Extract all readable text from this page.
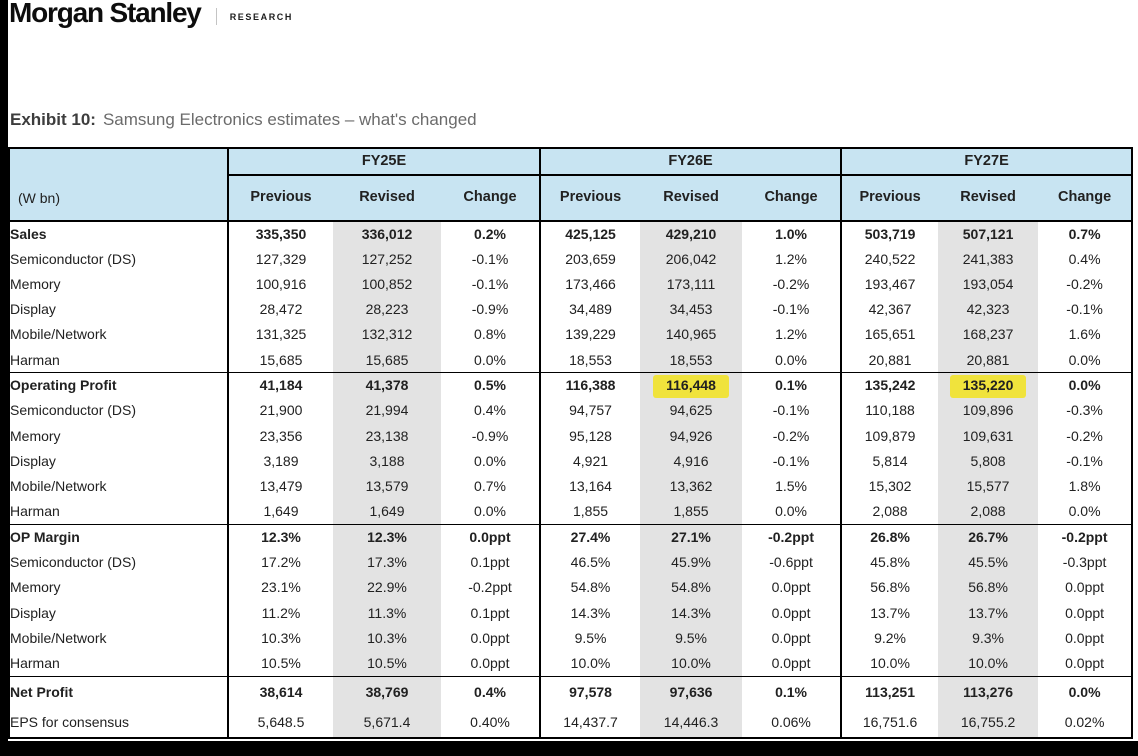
Morgan Stanley	RESEARCH
Exhibit 10: Samsung Electronics estimates – what's changed
(W bn)	FY25E			FY26E			FY27E		
	Previous	Revised	Change	Previous	Revised	Change	Previous	Revised	Change
Sales	335,350	336,012	0.2%	425,125	429,210	1.0%	503,719	507,121	0.7%
Semiconductor (DS)	127,329	127,252	-0.1%	203,659	206,042	1.2%	240,522	241,383	0.4%
Memory	100,916	100,852	-0.1%	173,466	173,111	-0.2%	193,467	193,054	-0.2%
Display	28,472	28,223	-0.9%	34,489	34,453	-0.1%	42,367	42,323	-0.1%
Mobile/Network	131,325	132,312	0.8%	139,229	140,965	1.2%	165,651	168,237	1.6%
Harman	15,685	15,685	0.0%	18,553	18,553	0.0%	20,881	20,881	0.0%
Operating Profit	41,184	41,378	0.5%	116,388	116,448	0.1%	135,242	135,220	0.0%
Semiconductor (DS)	21,900	21,994	0.4%	94,757	94,625	-0.1%	110,188	109,896	-0.3%
Memory	23,356	23,138	-0.9%	95,128	94,926	-0.2%	109,879	109,631	-0.2%
Display	3,189	3,188	0.0%	4,921	4,916	-0.1%	5,814	5,808	-0.1%
Mobile/Network	13,479	13,579	0.7%	13,164	13,362	1.5%	15,302	15,577	1.8%
Harman	1,649	1,649	0.0%	1,855	1,855	0.0%	2,088	2,088	0.0%
OP Margin	12.3%	12.3%	0.0ppt	27.4%	27.1%	-0.2ppt	26.8%	26.7%	-0.2ppt
Semiconductor (DS)	17.2%	17.3%	0.1ppt	46.5%	45.9%	-0.6ppt	45.8%	45.5%	-0.3ppt
Memory	23.1%	22.9%	-0.2ppt	54.8%	54.8%	0.0ppt	56.8%	56.8%	0.0ppt
Display	11.2%	11.3%	0.1ppt	14.3%	14.3%	0.0ppt	13.7%	13.7%	0.0ppt
Mobile/Network	10.3%	10.3%	0.0ppt	9.5%	9.5%	0.0ppt	9.2%	9.3%	0.0ppt
Harman	10.5%	10.5%	0.0ppt	10.0%	10.0%	0.0ppt	10.0%	10.0%	0.0ppt
Net Profit	38,614	38,769	0.4%	97,578	97,636	0.1%	113,251	113,276	0.0%
EPS for consensus	5,648.5	5,671.4	0.40%	14,437.7	14,446.3	0.06%	16,751.6	16,755.2	0.02%
